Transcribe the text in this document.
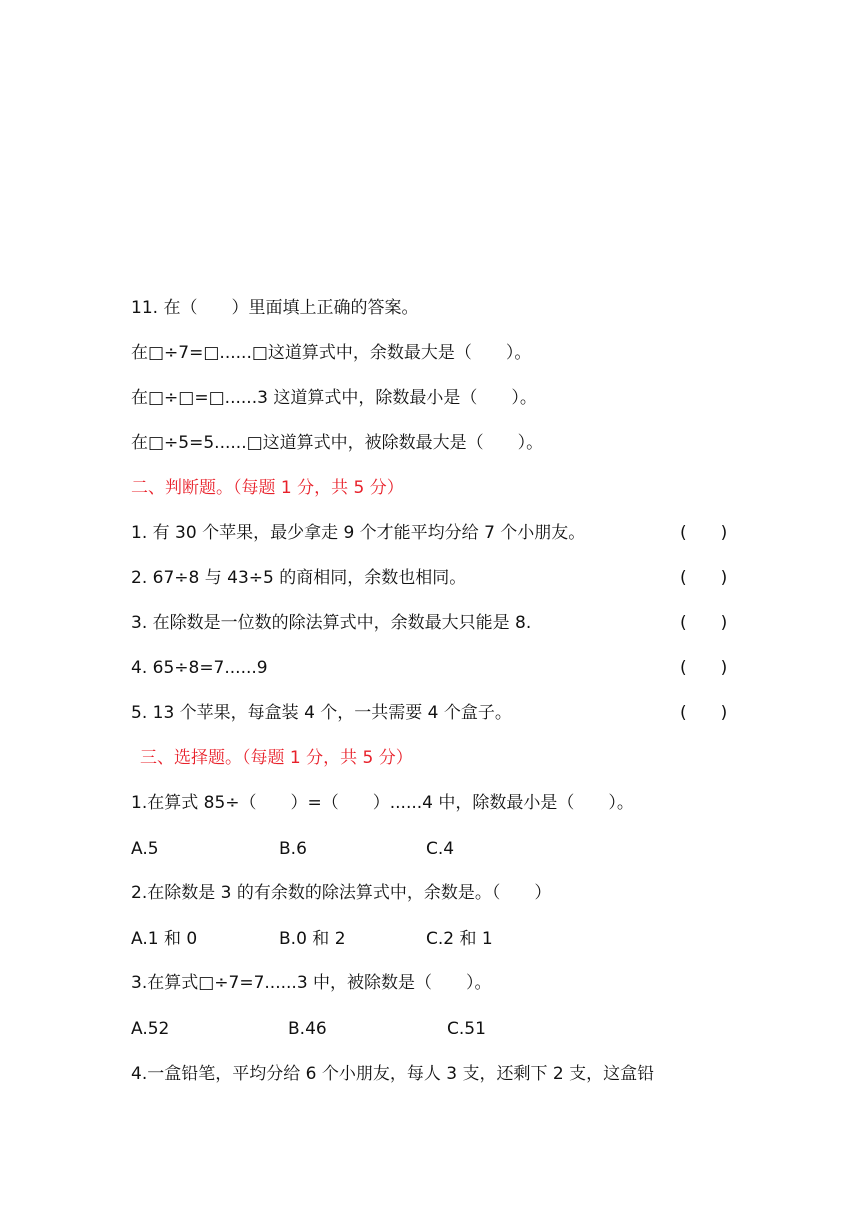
11. 在（　　）里面填上正确的答案。
在□÷7=□......□这道算式中，余数最大是（　　）。
在□÷□=□......3 这道算式中，除数最小是（　　）。
在□÷5=5......□这道算式中，被除数最大是（　　）。
二、判断题。（每题 1 分，共 5 分）
1. 有 30 个苹果，最少拿走 9 个才能平均分给 7 个小朋友。	(　　)
2. 67÷8 与 43÷5 的商相同，余数也相同。	(　　)
3. 在除数是一位数的除法算式中，余数最大只能是 8.	(　　)
4. 65÷8=7......9	(　　)
5. 13 个苹果，每盒装 4 个，一共需要 4 个盒子。	(　　)
三、选择题。（每题 1 分，共 5 分）
1.在算式 85÷（　　）=（　　）......4 中，除数最小是（　　）。
A.5	B.6	C.4
2.在除数是 3 的有余数的除法算式中，余数是。（　　）
A.1 和 0	B.0 和 2	C.2 和 1
3.在算式□÷7=7......3 中，被除数是（　　）。
A.52	B.46	C.51
4.一盒铅笔，平均分给 6 个小朋友，每人 3 支，还剩下 2 支，这盒铅
